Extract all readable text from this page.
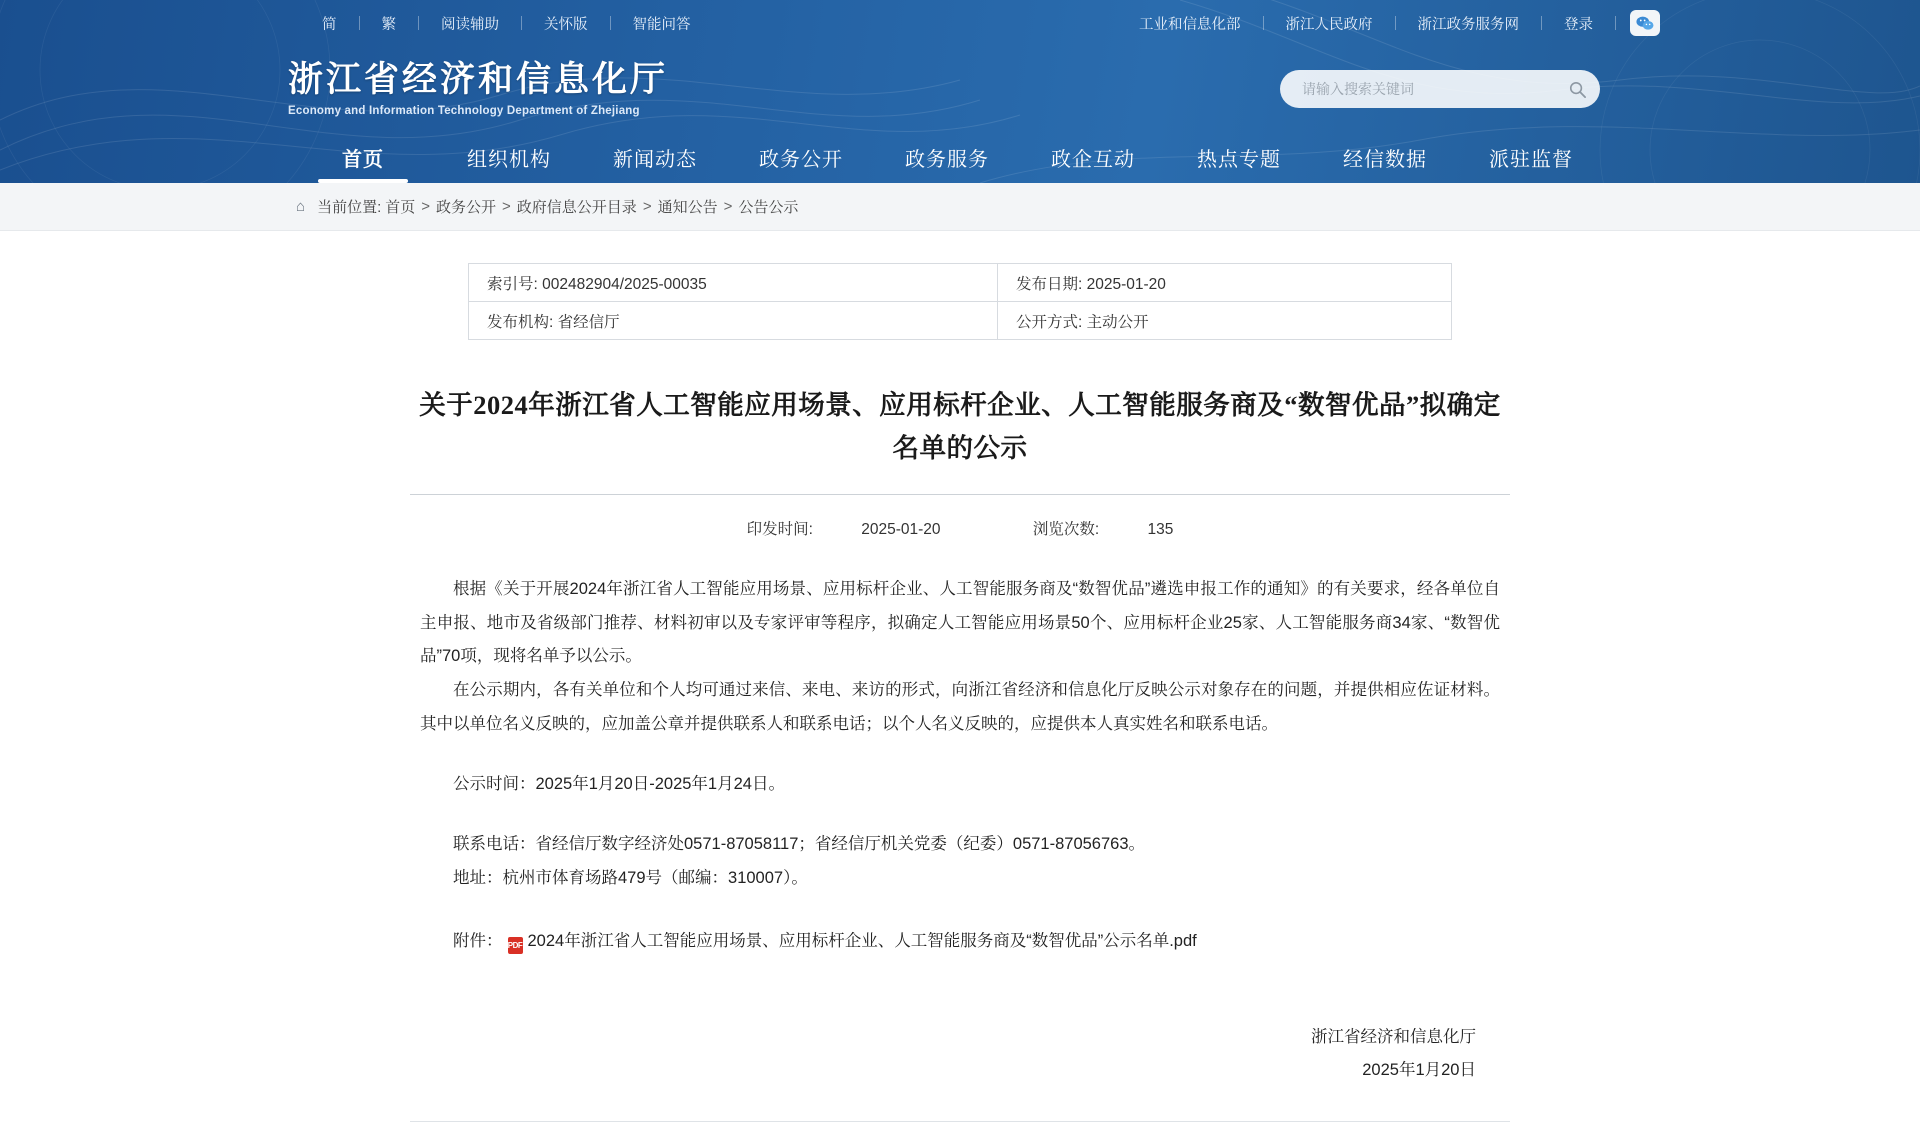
简	繁	阅读辅助	关怀版	智能问答	工业和信息化部	浙江人民政府	浙江政务服务网	登录
浙江省经济和信息化厅
Economy and Information Technology Department of Zhejiang
请输入搜索关键词
首页	组织机构	新闻动态	政务公开	政务服务	政企互动	热点专题	经信数据	派驻监督
⌂ 当前位置: 首页 > 政务公开 > 政府信息公开目录 > 通知公告 > 公告公示
索引号: 002482904/2025-00035	发布日期: 2025-01-20
发布机构: 省经信厅	公开方式: 主动公开
关于2024年浙江省人工智能应用场景、应用标杆企业、人工智能服务商及“数智优品”拟确定名单的公示
印发时间:	2025-01-20	浏览次数:	135

根据《关于开展2024年浙江省人工智能应用场景、应用标杆企业、人工智能服务商及“数智优品”遴选申报工作的通知》的有关要求，经各单位自主申报、地市及省级部门推荐、材料初审以及专家评审等程序，拟确定人工智能应用场景50个、应用标杆企业25家、人工智能服务商34家、“数智优品”70项，现将名单予以公示。

在公示期内，各有关单位和个人均可通过来信、来电、来访的形式，向浙江省经济和信息化厅反映公示对象存在的问题，并提供相应佐证材料。其中以单位名义反映的，应加盖公章并提供联系人和联系电话；以个人名义反映的，应提供本人真实姓名和联系电话。

公示时间：2025年1月20日-2025年1月24日。

联系电话：省经信厅数字经济处0571-87058117；省经信厅机关党委（纪委）0571-87056763。

地址：杭州市体育场路479号（邮编：310007）。

附件： PDF 2024年浙江省人工智能应用场景、应用标杆企业、人工智能服务商及“数智优品”公示名单.pdf
浙江省经济和信息化厅
2025年1月20日
